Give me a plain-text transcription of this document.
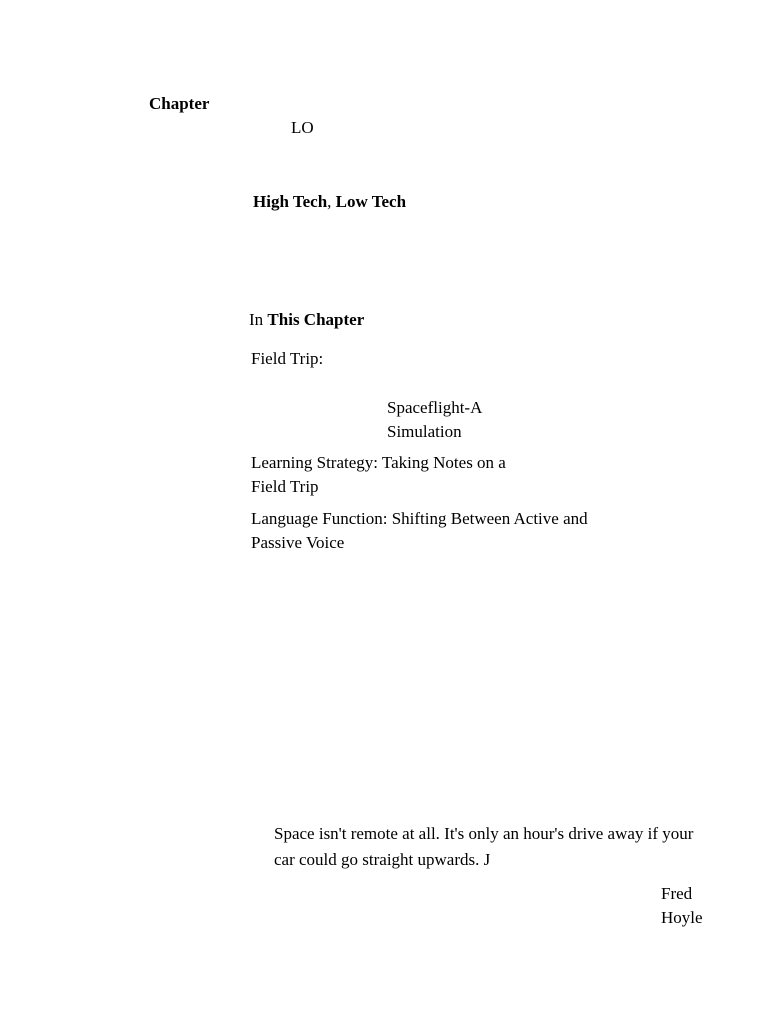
Chapter
LO
High Tech, Low Tech
In This Chapter
Field Trip:
Spaceflight-A Simulation
Learning Strategy: Taking Notes on a Field Trip
Language Function: Shifting Between Active and Passive Voice
Space isn't remote at all. It's only an hour's drive away if your car could go straight upwards. J
Fred Hoyle
